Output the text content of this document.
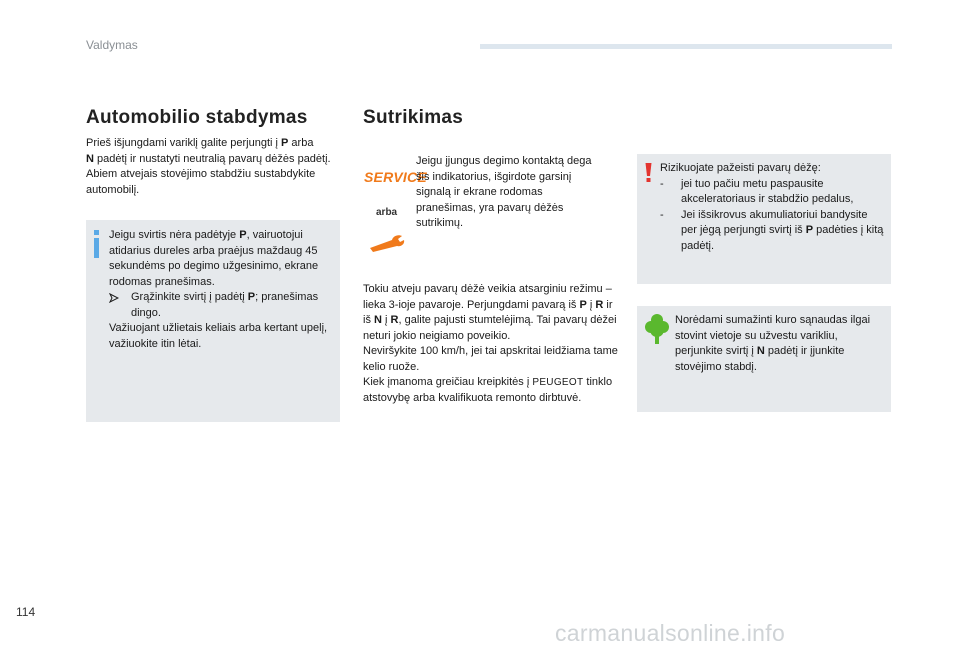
Valdymas
Automobilio stabdymas
Prieš išjungdami variklį galite perjungti į P arba
N padėtį ir nustatyti neutralią pavarų dėžės padėtį.
Abiem atvejais stovėjimo stabdžiu sustabdykite automobilį.
Jeigu svirtis nėra padėtyje P, vairuotojui atidarius dureles arba praėjus maždaug 45 sekundėms po degimo užgesinimo, ekrane rodomas pranešimas.
Grąžinkite svirtį į padėtį P; pranešimas dingo.
Važiuojant užlietais keliais arba kertant upelį, važiuokite itin lėtai.
Sutrikimas
SERVICE
arba
Jeigu įjungus degimo kontaktą dega šis indikatorius, išgirdote garsinį signalą ir ekrane rodomas pranešimas, yra pavarų dėžės sutrikimų.
Tokiu atveju pavarų dėžė veikia atsarginiu režimu – lieka 3-ioje pavaroje. Perjungdami pavarą iš P į R ir iš N į R, galite pajusti stumtelėjimą. Tai pavarų dėžei neturi jokio neigiamo poveikio.
Neviršykite 100 km/h, jei tai apskritai leidžiama tame kelio ruože.
Kiek įmanoma greičiau kreipkitės į PEUGEOT tinklo atstovybę arba kvalifikuota remonto dirbtuvė.
Rizikuojate pažeisti pavarų dėžę:
-	jei tuo pačiu metu paspausite akceleratoriaus ir stabdžio pedalus,
-	Jei išsikrovus akumuliatoriui bandysite per jėgą perjungti svirtį iš P padėties į kitą padėtį.
Norėdami sumažinti kuro sąnaudas ilgai stovint vietoje su užvestu varikliu, perjunkite svirtį į N padėtį ir įjunkite stovėjimo stabdį.
114
carmanualsonline.info
